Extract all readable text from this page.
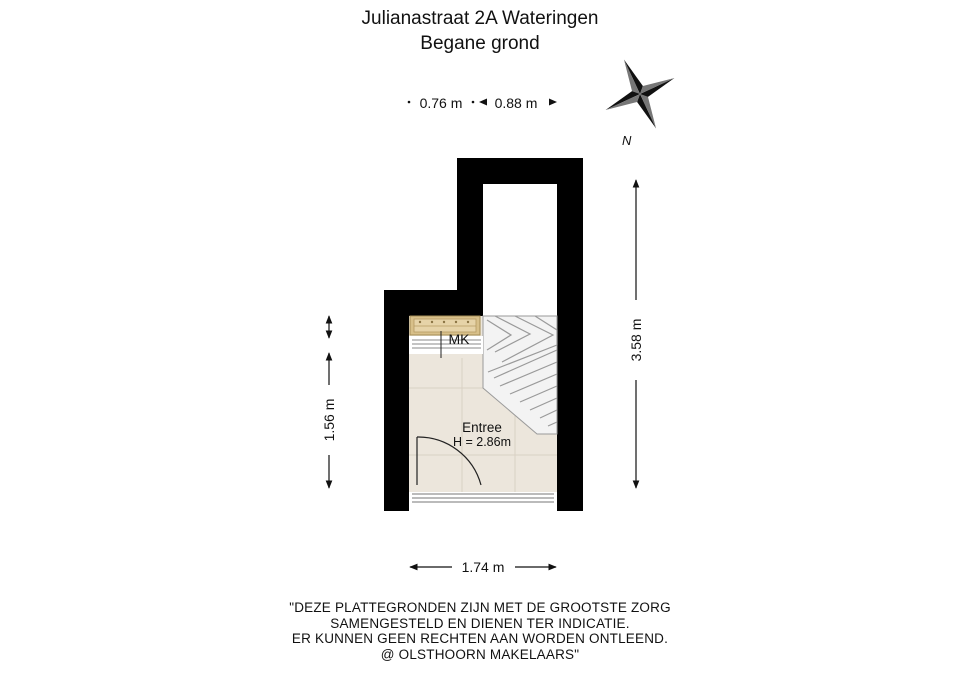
Julianastraat 2A Wateringen
Begane grond
MK
Entree
H = 2.86m
0.76 m 0.88 m
3.58 m
1.56 m
1.74 m
N
"DEZE PLATTEGRONDEN ZIJN MET DE GROOTSTE ZORG
SAMENGESTELD EN DIENEN TER INDICATIE.
ER KUNNEN GEEN RECHTEN AAN WORDEN ONTLEEND.
@ OLSTHOORN MAKELAARS"
